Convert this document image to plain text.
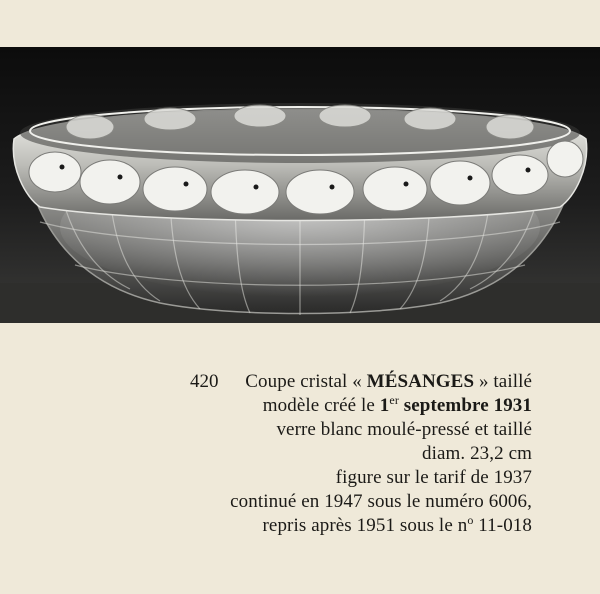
420	Coupe cristal « MÉSANGES » taillé
modèle créé le 1er septembre 1931
verre blanc moulé-pressé et taillé
diam. 23,2 cm
figure sur le tarif de 1937
continué en 1947 sous le numéro 6006,
repris après 1951 sous le $n^o$ 11-018
